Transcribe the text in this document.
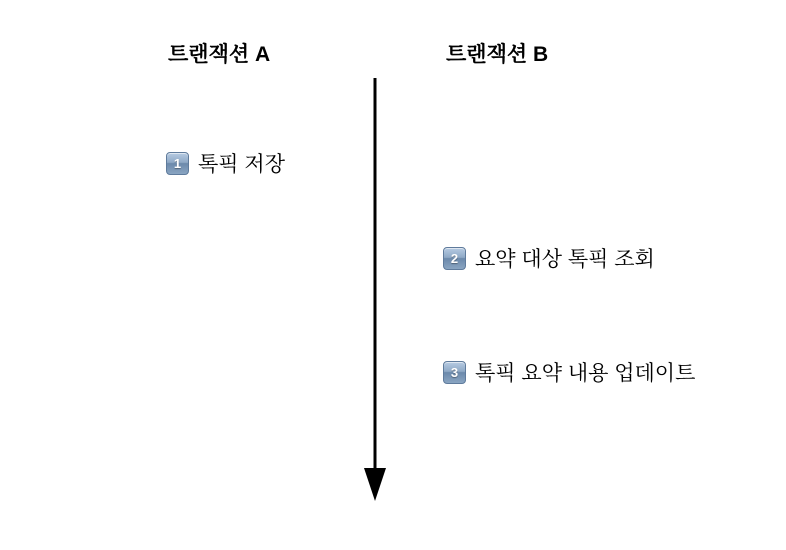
트랜잭션 A	트랜잭션 B
1 톡픽 저장
2 요약 대상 톡픽 조회
3 톡픽 요약 내용 업데이트
